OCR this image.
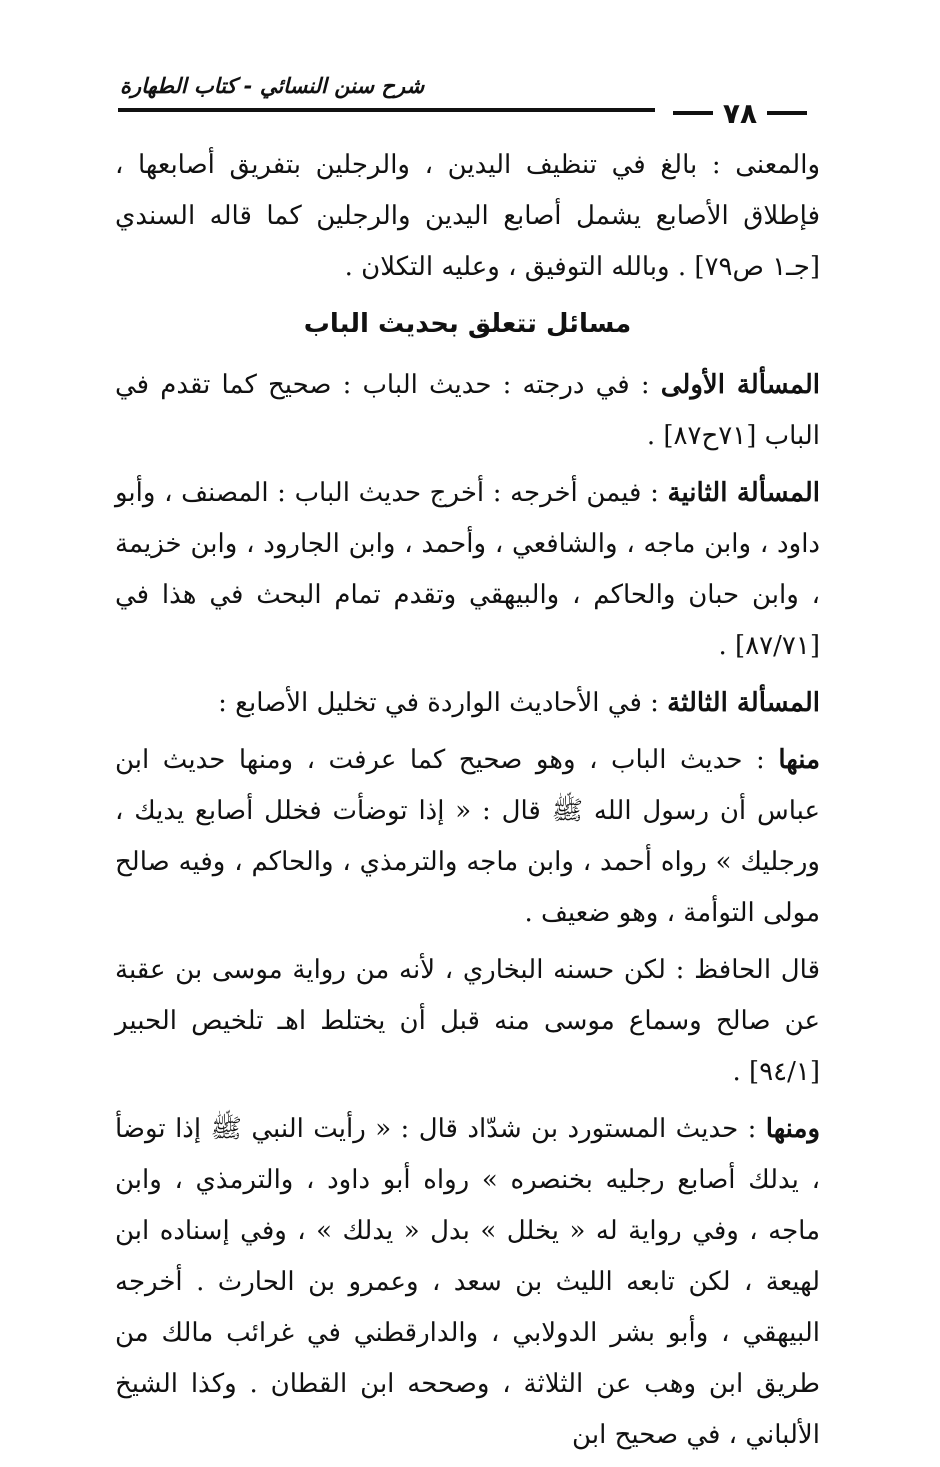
شرح سنن النسائي - كتاب الطهارة
٧٨

والمعنى : بالغ في تنظيف اليدين ، والرجلين بتفريق أصابعها ، فإطلاق الأصابع يشمل أصابع اليدين والرجلين كما قاله السندي [جـ١ ص٧٩] . وبالله التوفيق ، وعليه التكلان .

مسائل تتعلق بحديث الباب

المسألة الأولى : في درجته : حديث الباب : صحيح كما تقدم في الباب [٧١ح٨٧] .

المسألة الثانية : فيمن أخرجه : أخرج حديث الباب : المصنف ، وأبو داود ، وابن ماجه ، والشافعي ، وأحمد ، وابن الجارود ، وابن خزيمة ، وابن حبان والحاكم ، والبيهقي وتقدم تمام البحث في هذا في [٨٧/٧١] .

المسألة الثالثة : في الأحاديث الواردة في تخليل الأصابع :

منها : حديث الباب ، وهو صحيح كما عرفت ، ومنها حديث ابن عباس أن رسول الله ﷺ قال : « إذا توضأت فخلل أصابع يديك ، ورجليك » رواه أحمد ، وابن ماجه والترمذي ، والحاكم ، وفيه صالح مولى التوأمة ، وهو ضعيف .

قال الحافظ : لكن حسنه البخاري ، لأنه من رواية موسى بن عقبة عن صالح وسماع موسى منه قبل أن يختلط اهـ تلخيص الحبير [٩٤/١] .

ومنها : حديث المستورد بن شدّاد قال : « رأيت النبي ﷺ إذا توضأ ، يدلك أصابع رجليه بخنصره » رواه أبو داود ، والترمذي ، وابن ماجه ، وفي رواية له « يخلل » بدل « يدلك » ، وفي إسناده ابن لهيعة ، لكن تابعه الليث بن سعد ، وعمرو بن الحارث . أخرجه البيهقي ، وأبو بشر الدولابي ، والدارقطني في غرائب مالك من طريق ابن وهب عن الثلاثة ، وصححه ابن القطان . وكذا الشيخ الألباني ، في صحيح ابن
